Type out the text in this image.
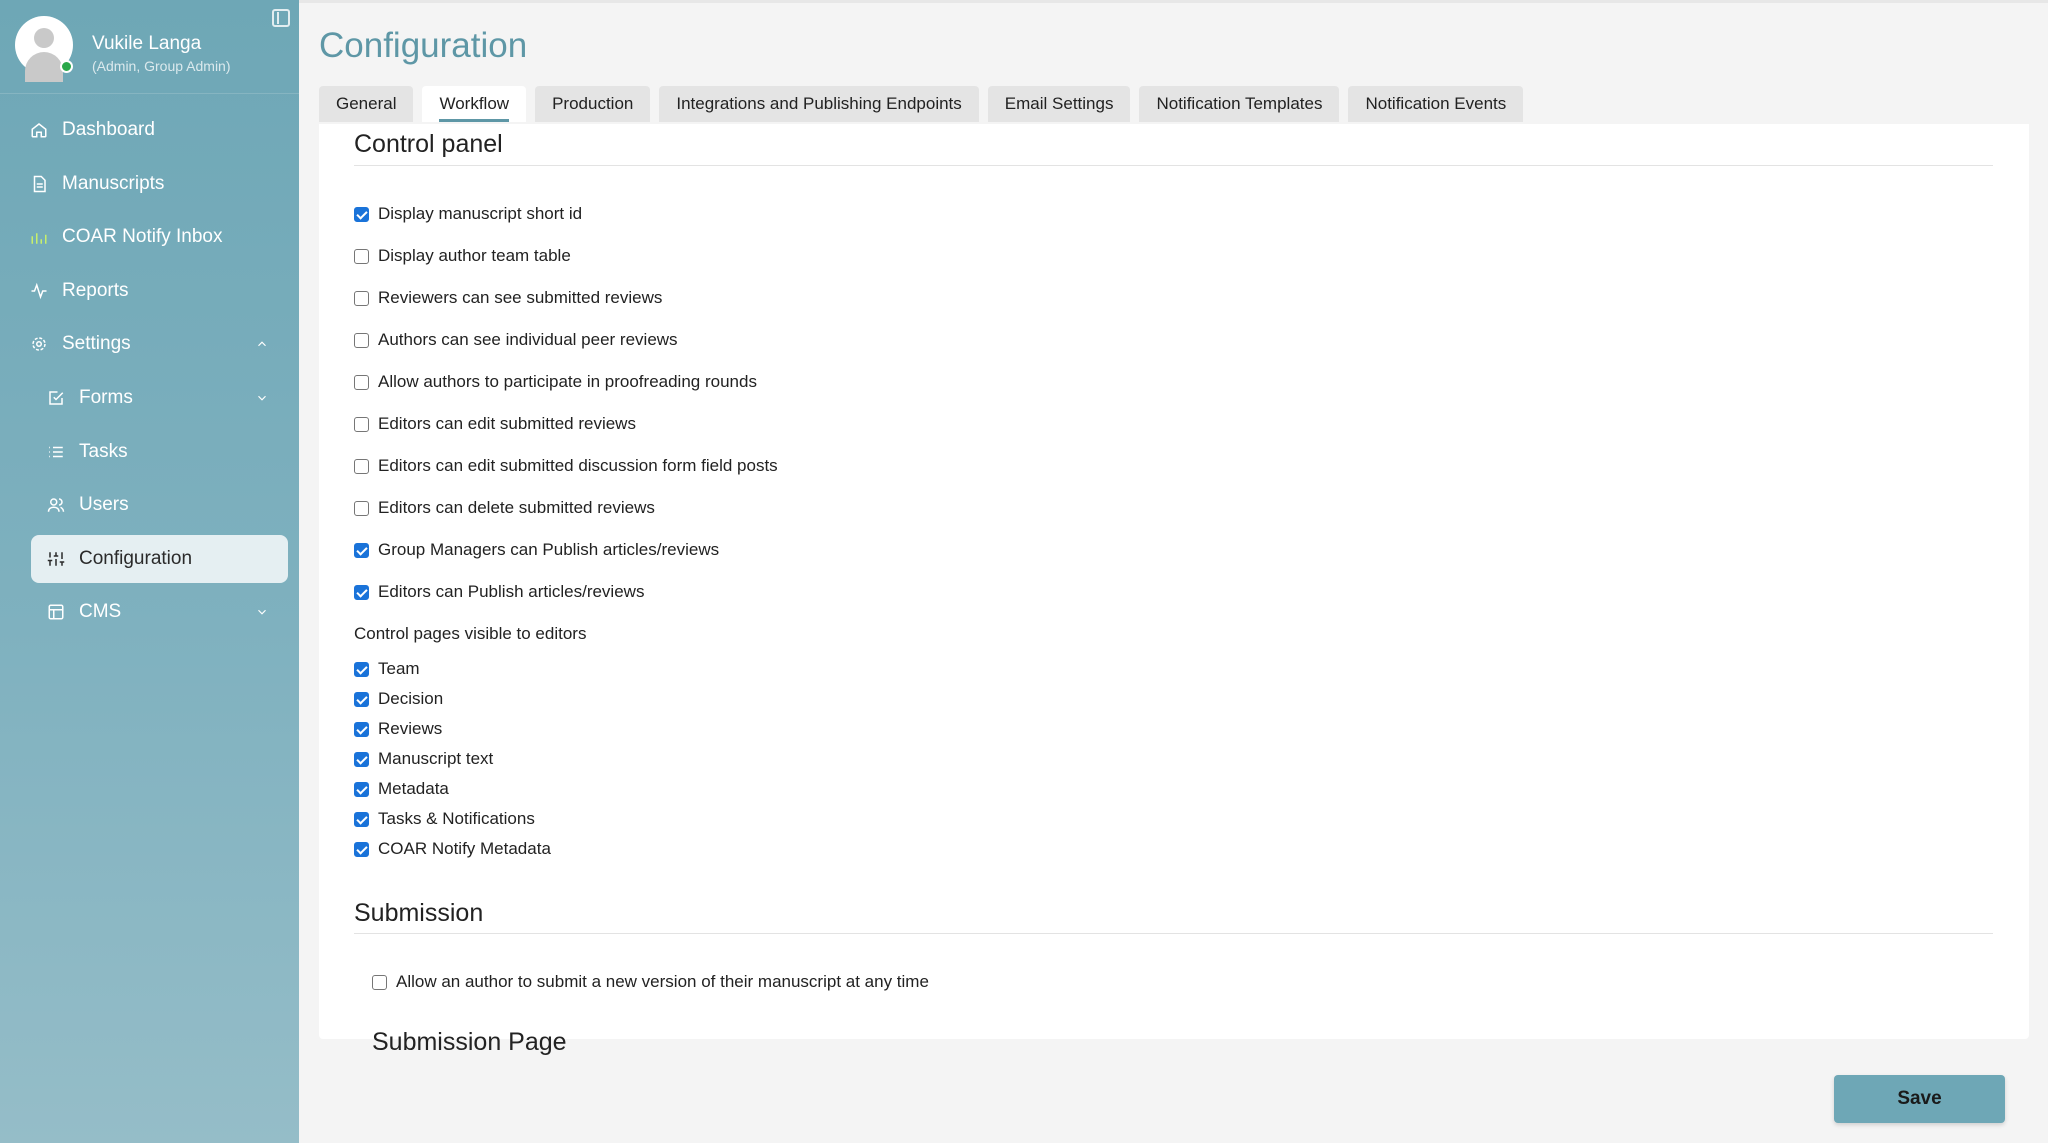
Vukile Langa
(Admin, Group Admin)
Dashboard
Manuscripts
COAR Notify Inbox
Reports
Settings
Forms
Tasks
Users
Configuration
CMS
Configuration
General	Workflow	Production	Integrations and Publishing Endpoints	Email Settings	Notification Templates	Notification Events
Control panel
Display manuscript short id
Display author team table
Reviewers can see submitted reviews
Authors can see individual peer reviews
Allow authors to participate in proofreading rounds
Editors can edit submitted reviews
Editors can edit submitted discussion form field posts
Editors can delete submitted reviews
Group Managers can Publish articles/reviews
Editors can Publish articles/reviews
Control pages visible to editors
Team
Decision
Reviews
Manuscript text
Metadata
Tasks & Notifications
COAR Notify Metadata
Submission
Allow an author to submit a new version of their manuscript at any time
Submission Page
Save
